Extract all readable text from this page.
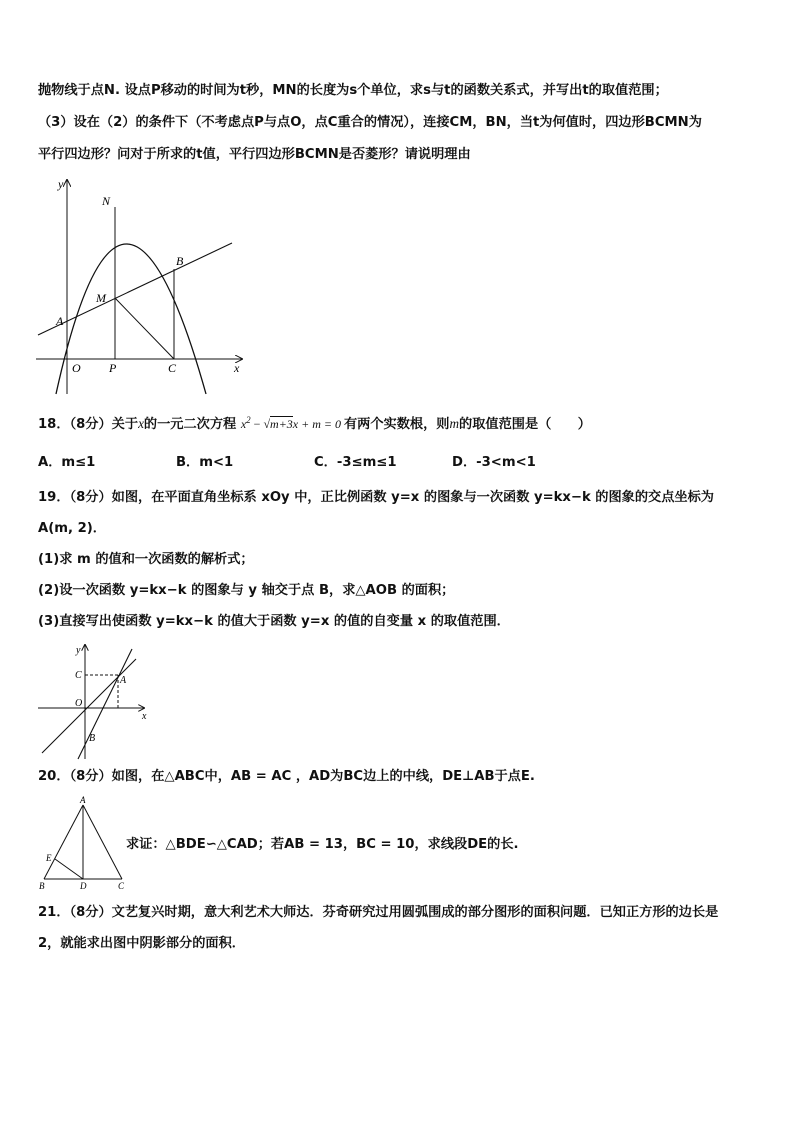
抛物线于点N. 设点P移动的时间为t秒，MN的长度为s个单位，求s与t的函数关系式，并写出t的取值范围；
（3）设在（2）的条件下（不考虑点P与点O，点C重合的情况），连接CM，BN，当t为何值时，四边形BCMN为
平行四边形？问对于所求的t值，平行四边形BCMN是否菱形？请说明理由
y
x
N
B
M
A
O P	C
18．（8分）关于x的一元二次方程 $x^2 - √m+3x + m = 0$ 有两个实数根，则m的取值范围是（　　）
A．m≤1	B．m<1	C．-3≤m≤1	D．-3<m<1
19．（8分）如图，在平面直角坐标系 xOy 中，正比例函数 y=x 的图象与一次函数 y=kx−k 的图象的交点坐标为
A(m, 2)．
(1)求 m 的值和一次函数的解析式；
(2)设一次函数 y=kx−k 的图象与 y 轴交于点 B，求△AOB 的面积；
(3)直接写出使函数 y=kx−k 的值大于函数 y=x 的值的自变量 x 的取值范围．
y
x
C	A
O
B
20．（8分）如图，在△ABC中，AB = AC ，AD为BC边上的中线，DE⊥AB于点E.
求证：△BDE∽△CAD；若AB = 13，BC = 10，求线段DE的长.
A
E
B	D	C
21．（8分）文艺复兴时期，意大利艺术大师达．芬奇研究过用圆弧围成的部分图形的面积问题．已知正方形的边长是
2，就能求出图中阴影部分的面积．
